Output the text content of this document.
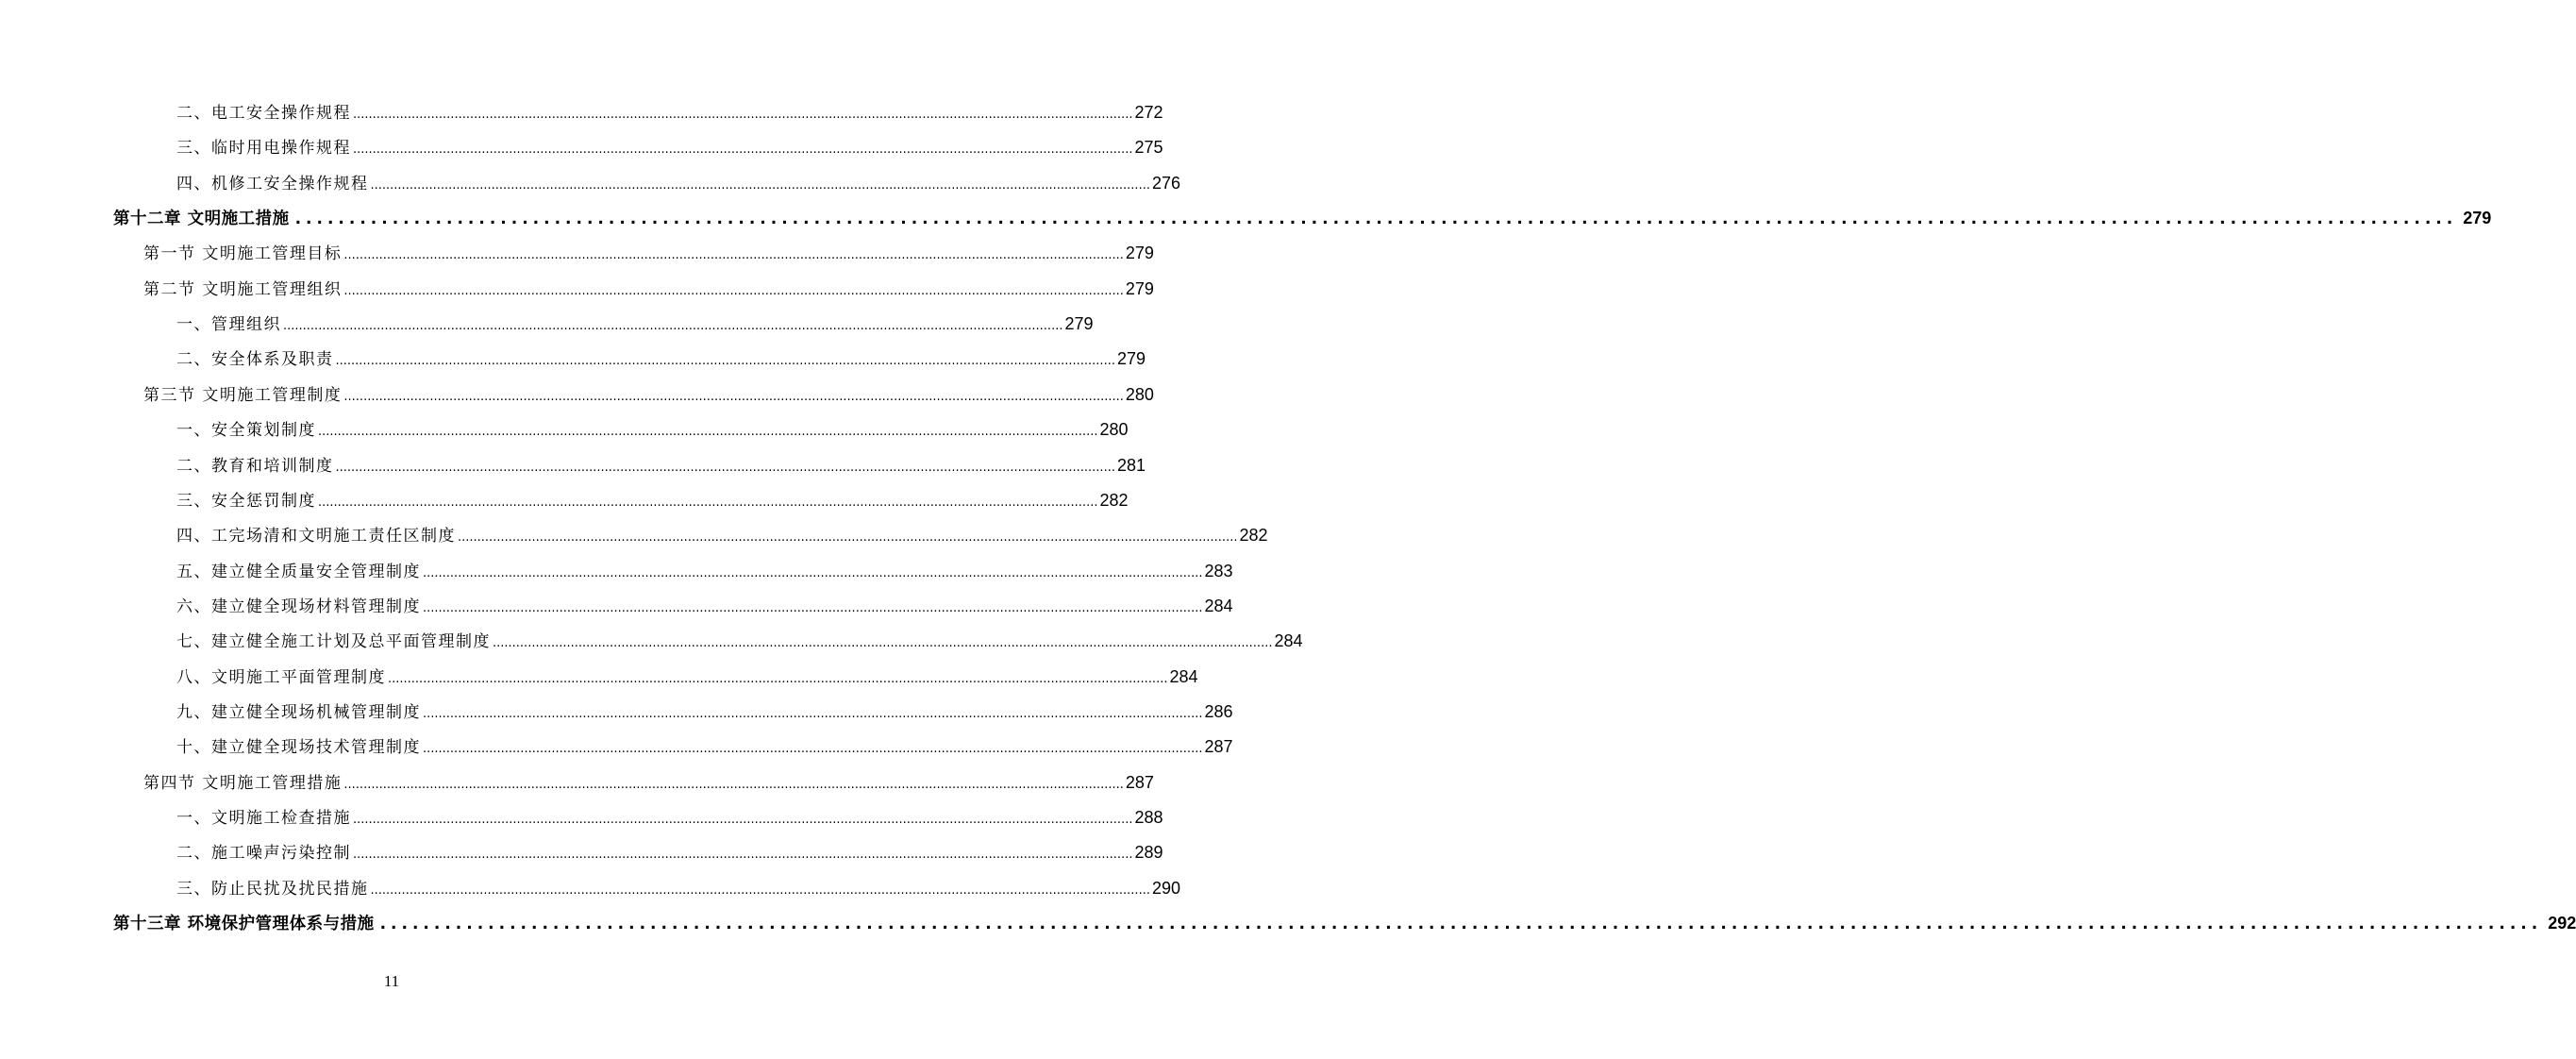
二、电工安全操作规程 ........................................................................................................................................................................................................ 272
三、临时用电操作规程 ........................................................................................................................................................................................................ 275
四、机修工安全操作规程 ........................................................................................................................................................................................................ 276
第十二章 文明施工措施 ........................................................................................................................................................................................................ 279
第一节 文明施工管理目标 ........................................................................................................................................................................................................ 279
第二节 文明施工管理组织 ........................................................................................................................................................................................................ 279
一、管理组织 ........................................................................................................................................................................................................ 279
二、安全体系及职责 ........................................................................................................................................................................................................ 279
第三节 文明施工管理制度 ........................................................................................................................................................................................................ 280
一、安全策划制度 ........................................................................................................................................................................................................ 280
二、教育和培训制度 ........................................................................................................................................................................................................ 281
三、安全惩罚制度 ........................................................................................................................................................................................................ 282
四、工完场清和文明施工责任区制度 ........................................................................................................................................................................................................ 282
五、建立健全质量安全管理制度 ........................................................................................................................................................................................................ 283
六、建立健全现场材料管理制度 ........................................................................................................................................................................................................ 284
七、建立健全施工计划及总平面管理制度 ........................................................................................................................................................................................................ 284
八、文明施工平面管理制度 ........................................................................................................................................................................................................ 284
九、建立健全现场机械管理制度 ........................................................................................................................................................................................................ 286
十、建立健全现场技术管理制度 ........................................................................................................................................................................................................ 287
第四节 文明施工管理措施 ........................................................................................................................................................................................................ 287
一、文明施工检查措施 ........................................................................................................................................................................................................ 288
二、施工噪声污染控制 ........................................................................................................................................................................................................ 289
三、防止民扰及扰民措施 ........................................................................................................................................................................................................ 290
第十三章 环境保护管理体系与措施 ........................................................................................................................................................................................................ 292
11
